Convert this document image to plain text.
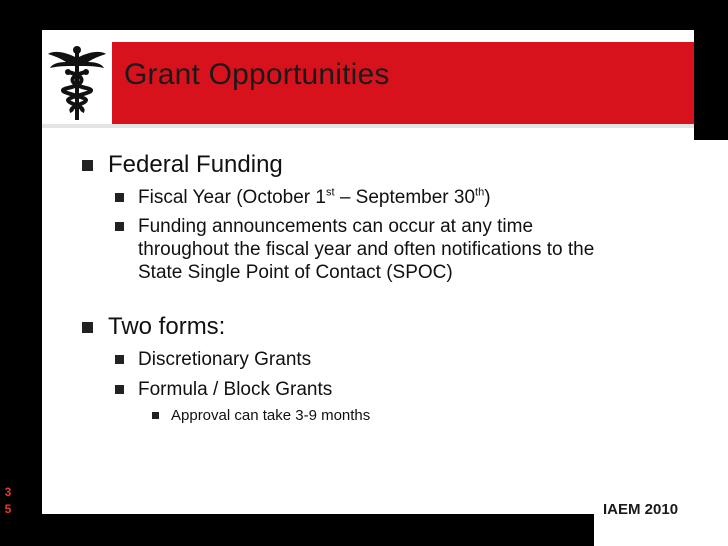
Grant Opportunities

Federal Funding

Fiscal Year (October 1st – September 30th)

Funding announcements can occur at any time
throughout the fiscal year and often notifications to the
State Single Point of Contact (SPOC)

Two forms:

Discretionary Grants

Formula / Block Grants

Approval can take 3-9 months

3
5	IAEM 2010
